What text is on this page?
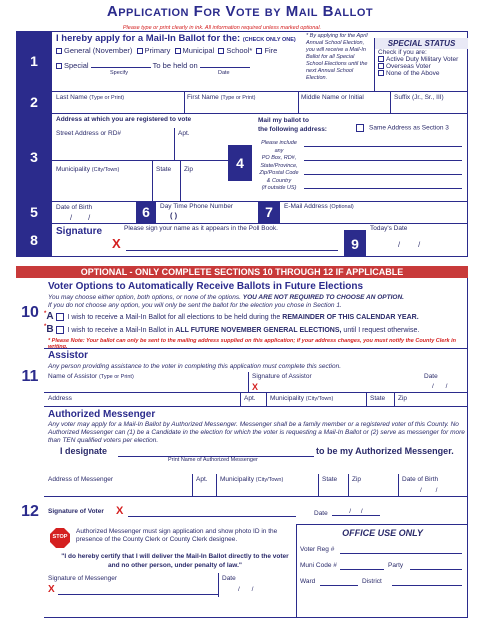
Application For Vote by Mail Ballot
Please type or print clearly in ink. All information required unless marked optional.
1
I hereby apply for a Mail-In Ballot for the: (CHECK ONLY ONE)
General (November) Primary Municipal School* Fire
Special	To be held on
Specify	Date
* By applying for the April Annual School Election, you will receive a Mail-In Ballot for all Special School Elections until the next Annual School Election.
SPECIAL STATUS
Check if you are:
Active Duty Military Voter
Overseas Voter
None of the Above
2	Last Name (Type or Print)	First Name (Type or Print)	Middle Name or Initial	Suffix (Jr., Sr., III)
3
Address at which you are registered to vote
Street Address or RD#	Apt.
Municipality (City/Town)	State Zip	4
Mail my ballot to
the following address:	Same Address as Section 3
Please include
any
PO Box, RD#,
State/Province,
Zip/Postal Code
& Country
(if outside US)
5	Date of Birth
/ /	6	Day Time Phone Number
( )	7	E-Mail Address (Optional)
8
Signature
X
Please sign your name as it appears in the Poll Book.
9
Today's Date
/ /
OPTIONAL - ONLY COMPLETE SECTIONS 10 THROUGH 12 IF APPLICABLE
10
Voter Options to Automatically Receive Ballots in Future Elections
You may choose either option, both options, or none of the options. YOU ARE NOT REQUIRED TO CHOOSE AN OPTION.
If you do not choose any option, you will only be sent the ballot for the election you chose in Section 1.
*A I wish to receive a Mail-In Ballot for all elections to be held during the REMAINDER OF THIS CALENDAR YEAR.
*B I wish to receive a Mail-In Ballot in ALL FUTURE NOVEMBER GENERAL ELECTIONS, until I request otherwise.
* Please Note: Your ballot can only be sent to the mailing address supplied on this application; if your address changes, you must notify the County Clerk in writing.
11
Assistor
Any person providing assistance to the voter in completing this application must complete this section.
Name of Assistor (Type or Print)	Signature of Assistor
X
Date
/ /
Address	Apt. Municipality (City/Town)	State Zip
12
Authorized Messenger
Any voter may apply for a Mail-In Ballot by Authorized Messenger. Messenger shall be a family member or a registered voter of this County. No Authorized Messenger can (1) be a Candidate in the election for which the voter is requesting a Mail-In Ballot or (2) serve as messenger for more than TEN qualified voters per election.
I designate
Print Name of Authorized Messenger
to be my Authorized Messenger.
Address of Messenger	Apt. Municipality (City/Town)	State Zip	Date of Birth
/ /
Signature of Voter X	Date	/ /
STOP
Authorized Messenger must sign application and show photo ID in the presence of the County Clerk or County Clerk designee.
"I do hereby certify that I will deliver the Mail-In Ballot directly to the voter and no other person, under penalty of law."
Signature of Messenger
X
Date
/ /
OFFICE USE ONLY
Voter Reg #
Muni Code #	Party
Ward	District
